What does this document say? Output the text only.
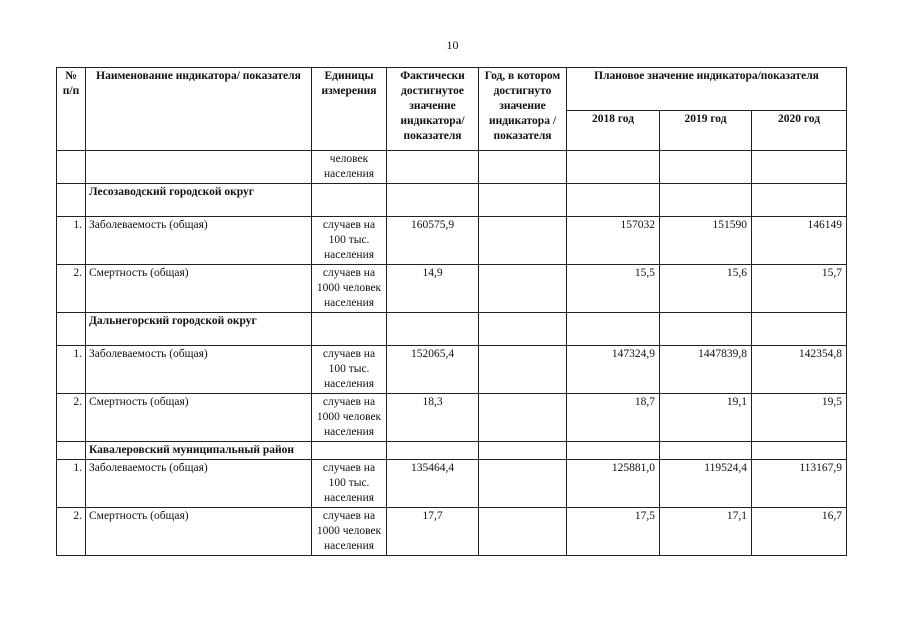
10
№ п/п	Наименование индикатора/ показателя	Единицы измерения	Фактически достигнутое значение индикатора/ показателя	Год, в котором достигнуто значение индикатора /показателя	Плановое значение индикатора/показателя		
					2018 год	2019 год	2020 год
		человек населения					
	Лесозаводский городской округ						
1.	Заболеваемость (общая)	случаев на 100 тыс. населения	160575,9		157032	151590	146149
2.	Смертность (общая)	случаев на 1000 человек населения	14,9		15,5	15,6	15,7
	Дальнегорский городской округ						
1.	Заболеваемость (общая)	случаев на 100 тыс. населения	152065,4		147324,9	1447839,8	142354,8
2.	Смертность (общая)	случаев на 1000 человек населения	18,3		18,7	19,1	19,5
	Кавалеровский муниципальный район						
1.	Заболеваемость (общая)	случаев на 100 тыс. населения	135464,4		125881,0	119524,4	113167,9
2.	Смертность (общая)	случаев на 1000 человек населения	17,7		17,5	17,1	16,7
